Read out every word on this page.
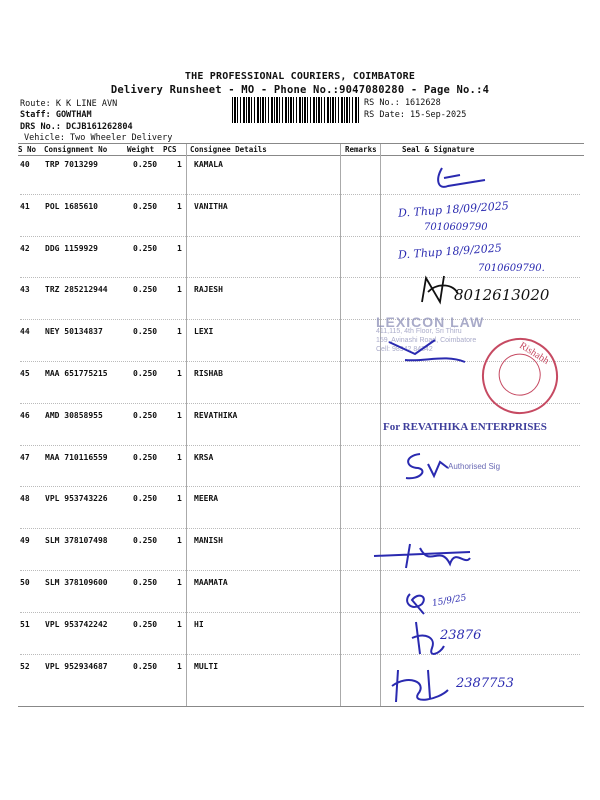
THE PROFESSIONAL COURIERS, COIMBATORE
Delivery Runsheet - MO - Phone No.:9047080280 - Page No.:4
Route: K K LINE AVN
Staff: GOWTHAM
DRS No.: DCJB161262804
Vehicle: Two Wheeler Delivery
RS No.: 1612628
RS Date: 15-Sep-2025
S No Consignment No	Weight PCS Consignee Details	Remarks	Seal & Signature
40 TRP 7013299	0.250 1 KAMALA
41 POL 1685610	0.250 1 VANITHA
42 DDG 1159929	0.250 1
43 TRZ 285212944	0.250 1 RAJESH
44 NEY 50134837	0.250 1 LEXI
45 MAA 651775215	0.250 1 RISHAB
46 AMD 30858955	0.250 1 REVATHIKA
47 MAA 710116559	0.250 1 KRSA
48 VPL 953743226	0.250 1 MEERA
49 SLM 378107498	0.250 1 MANISH
50 SLM 378109600	0.250 1 MAAMATA
51 VPL 953742242	0.250 1 HI
52 VPL 952934687	0.250 1 MULTI
D. Thup 18/09/2025
7010609790
D. Thup 18/9/2025
7010609790.
8012613020
LEXICON LAW
411,115, 4th Floor, Sri Thiru
159, Avinashi Road, Coimbatore
Cell: 98942 84342	Rishabh
For REVATHIKA ENTERPRISES
Authorised Sig
15/9/25
23876
2387753
